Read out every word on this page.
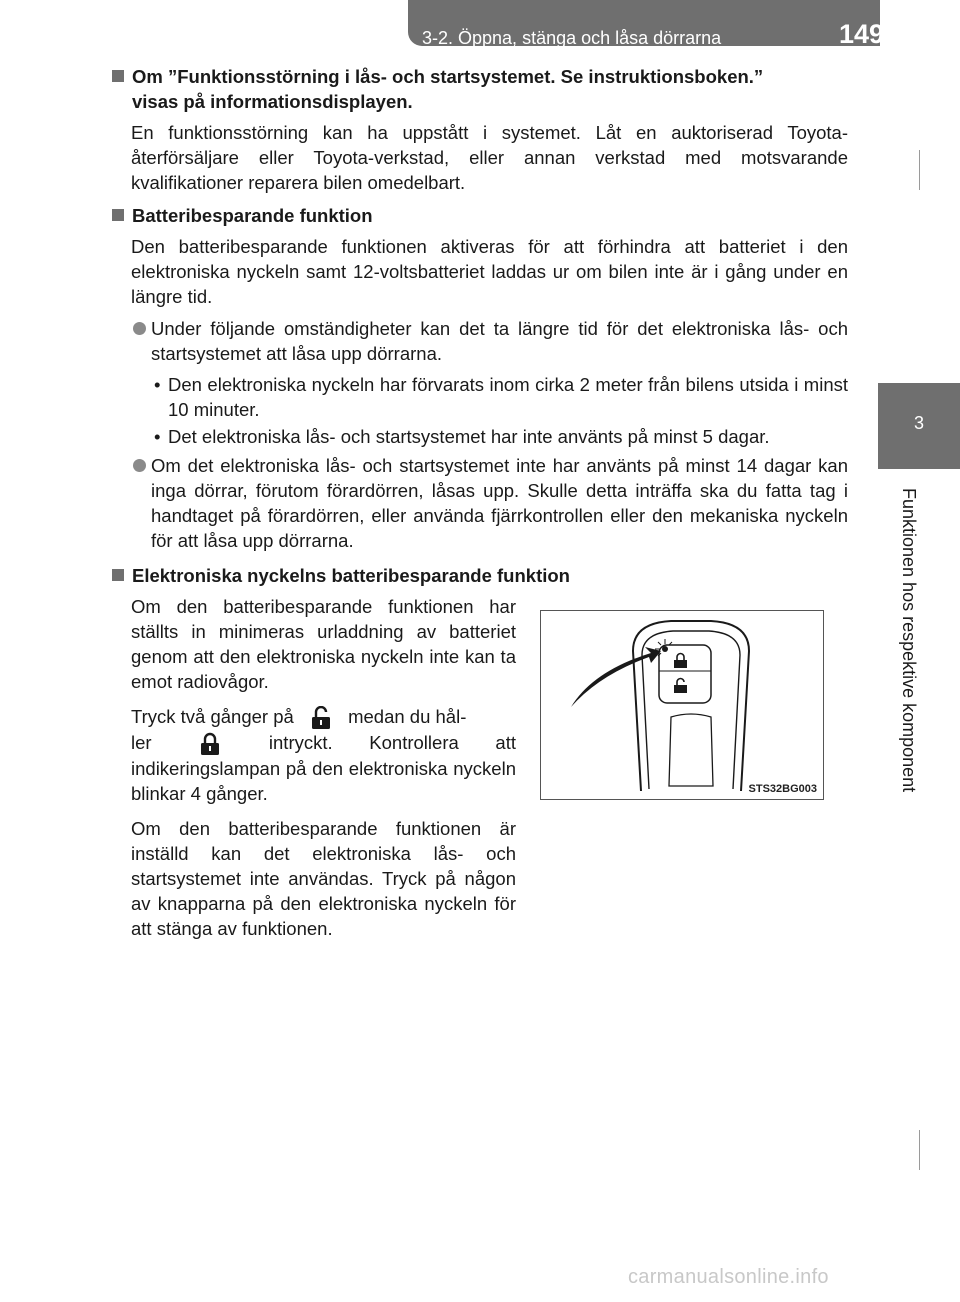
3-2. Öppna, stänga och låsa dörrarna	149
3
Funktionen hos respektive komponent
Om ”Funktionsstörning i lås- och startsystemet. Se instruktionsboken.”
visas på informationsdisplayen.
En funktionsstörning kan ha uppstått i systemet. Låt en auktoriserad Toyota-återförsäljare eller Toyota-verkstad, eller annan verkstad med motsvarande kvalifikationer reparera bilen omedelbart.
Batteribesparande funktion
Den batteribesparande funktionen aktiveras för att förhindra att batteriet i den elektroniska nyckeln samt 12-voltsbatteriet laddas ur om bilen inte är i gång under en längre tid.
Under följande omständigheter kan det ta längre tid för det elektroniska lås- och startsystemet att låsa upp dörrarna.
• Den elektroniska nyckeln har förvarats inom cirka 2 meter från bilens utsida i minst 10 minuter.
• Det elektroniska lås- och startsystemet har inte använts på minst 5 dagar.
Om det elektroniska lås- och startsystemet inte har använts på minst 14 dagar kan inga dörrar, förutom förardörren, låsas upp. Skulle detta inträffa ska du fatta tag i handtaget på förardörren, eller använda fjärrkontrollen eller den mekaniska nyckeln för att låsa upp dörrarna.
Elektroniska nyckelns batteribesparande funktion

Om den batteribesparande funktionen har ställts in minimeras urladdning av batteriet genom att den elektroniska nyckeln inte kan ta emot radiovågor.

Tryck två gånger på	medan du hål-
ler	intryckt. Kontrollera att indikeringslampan på den elektroniska nyckeln blinkar 4 gånger.

Om den batteribesparande funktionen är inställd kan det elektroniska lås- och startsystemet inte användas. Tryck på någon av knapparna på den elektroniska nyckeln för att stänga av funktionen.

STS32BG003
carmanualsonline.info
